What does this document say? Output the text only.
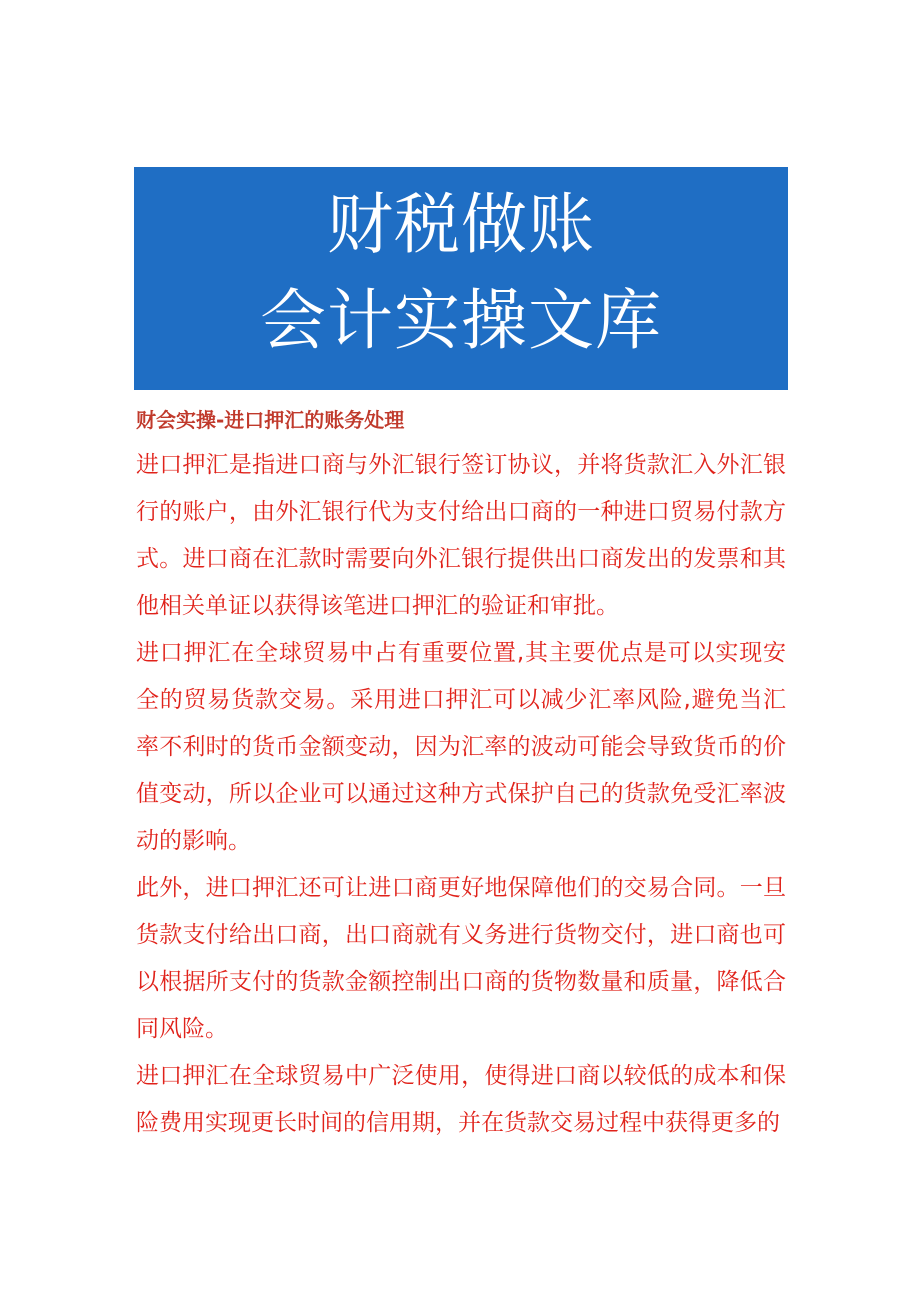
财税做账
会计实操文库
财会实操-进口押汇的账务处理

进口押汇是指进口商与外汇银行签订协议，并将货款汇入外汇银行的账户，由外汇银行代为支付给出口商的一种进口贸易付款方式。进口商在汇款时需要向外汇银行提供出口商发出的发票和其他相关单证以获得该笔进口押汇的验证和审批。

进口押汇在全球贸易中占有重要位置,其主要优点是可以实现安全的贸易货款交易。采用进口押汇可以减少汇率风险,避免当汇率不利时的货币金额变动，因为汇率的波动可能会导致货币的价值变动，所以企业可以通过这种方式保护自己的货款免受汇率波动的影响。

此外，进口押汇还可让进口商更好地保障他们的交易合同。一旦货款支付给出口商，出口商就有义务进行货物交付，进口商也可以根据所支付的货款金额控制出口商的货物数量和质量，降低合同风险。

进口押汇在全球贸易中广泛使用，使得进口商以较低的成本和保险费用实现更长时间的信用期，并在货款交易过程中获得更多的
